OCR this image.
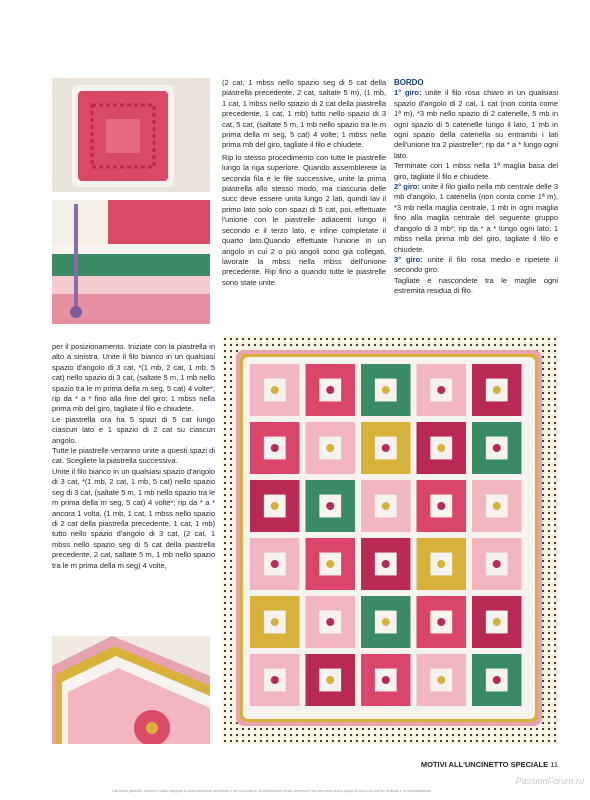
(2 cat, 1 mbss nello spazio seg di 5 cat della piastrella precedente, 2 cat, saltate 5 m), (1 mb, 1 cat, 1 mbss nello spazio di 2 cat della piastrella precedente, 1 cat, 1 mb) tutto nello spazio di 3 cat, 5 cat, (saltate 5 m, 1 mb nello spazio tra le m prima della m seg, 5 cat) 4 volte; 1 mbss nella prima mb del giro, tagliate il filo e chiudete.

Rip lo stesso procedimento con tutte le piastrelle lungo la riga superiore. Quando assemblerete la seconda fila e le file successive, unite la prima piastrella allo stesso modo, ma ciascuna delle succ deve essere unita lungo 2 lati, quindi lav il primo lato solo con spazi di 5 cat, poi, effettuate l'unione con le piastrelle adiacenti lungo il secondo e il terzo lato, e infine completate il quarto lato.Quando effettuate l'unione in un angolo in cui 2 o più angoli sono già collegati, lavorate la mbss nella mbss dell'unione precedente. Rip fino a quando tutte le piastrelle sono state unite.

BORDO

1° giro: unite il filo rosa chiaro in un qualsiasi spazio d'angolo di 2 cat, 1 cat (non conta come 1ª m), *3 mb nello spazio di 2 catenelle, 5 mb in ogni spazio di 5 catenelle lungo il lato, 1 mb in ogni spazio della catenella su entrambi i lati dell'unione tra 2 piastrelle*; rip da * a * lungo ogni lato.

Terminate con 1 mbss nella 1ª maglia basa del giro, tagliate il filo e chiudete.

2° giro: unite il filo giallo nella mb centrale delle 3 mb d'angolo, 1 catenella (non conta come 1ª m), *3 mb nella maglia centrale, 1 mb in ogni maglia fino alla maglia centrale del seguente gruppo d'angolo di 3 mb*; rip da * a * lungo ogni lato; 1 mbss nella prima mb del giro, tagliate il filo e chiudete.

3° giro: unite il filo rosa medio e ripetete il secondo giro.

Tagliate e nascondete tra le maglie ogni estremità residua di filo.

per il posizionamento. Iniziate con la piastrella in alto a sinistra. Unite il filo bianco in un qualsiasi spazio d'angolo di 3 cat, *(1 mb, 2 cat, 1 mb, 5 cat) nello spazio di 3 cat, (saltate 5 m, 1 mb nello spazio tra le m prima della m seg, 5 cat) 4 volte*; rip da * a * fino alla fine del giro; 1 mbss nella prima mb del giro, tagliate il filo e chiudete.

Le piastrella ora ha 5 spazi di 5 cat lungo ciascun lato e 1 spazio di 2 cat su ciascun angolo.

Tutte le piastrelle verranno unite a questi spazi di cat. Scegliete la piastrella successiva.

Unite il filo bianco in un qualsiasi spazio d'angolo di 3 cat, *(1 mb, 2 cat, 1 mb, 5 cat) nello spazio seg di 3 cat, (saltate 5 m, 1 mb nello spazio tra le m prima della m seg, 5 cat) 4 volte*; rip da * a * ancora 1 volta, (1 mb, 1 cat, 1 mbss nello spazio di 2 cat della piastrella precedente, 1 cat, 1 mb) tutto nello spazio d'angolo di 3 cat, (2 cat, 1 mbss nello spazio seg di 5 cat della piastrella precedente, 2 cat, saltate 5 m, 1 mb nello spazio tra le m prima della m seg) 4 volte,

MOTIVI ALL'UNCINETTO SPECIALE 11
Uso lavori garantiti. Il lavoro è stato eseguito su autorizzazione dell'autore e del suo editore; la distribuzione di tali contenuti è da intendersi senza scopo di lucro e ai soli fini di studio e di comunicazione.
PassionForum.ru
